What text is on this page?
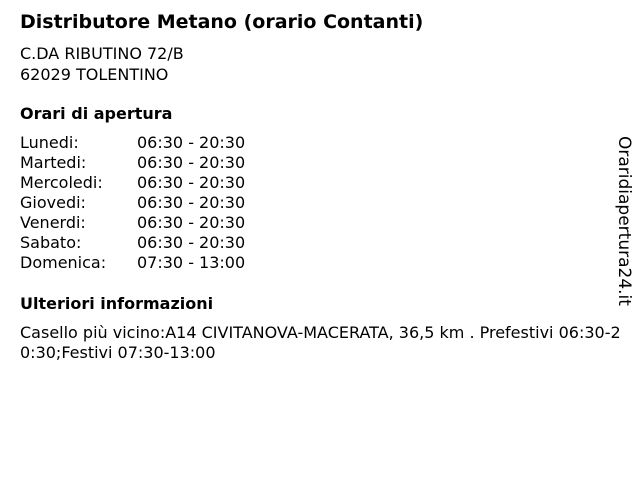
Distributore Metano (orario Contanti)
C.DA RIBUTINO 72/B
62029 TOLENTINO
Orari di apertura
Lunedi:	06:30 - 20:30
Martedi:	06:30 - 20:30
Mercoledi: 06:30 - 20:30
Giovedi:	06:30 - 20:30
Venerdi:	06:30 - 20:30
Sabato:	06:30 - 20:30
Domenica: 07:30 - 13:00
Ulteriori informazioni
Casello più vicino:A14 CIVITANOVA-MACERATA, 36,5 km . Prefestivi 06:30-20:30;Festivi 07:30-13:00
Oraridiapertura24.it
